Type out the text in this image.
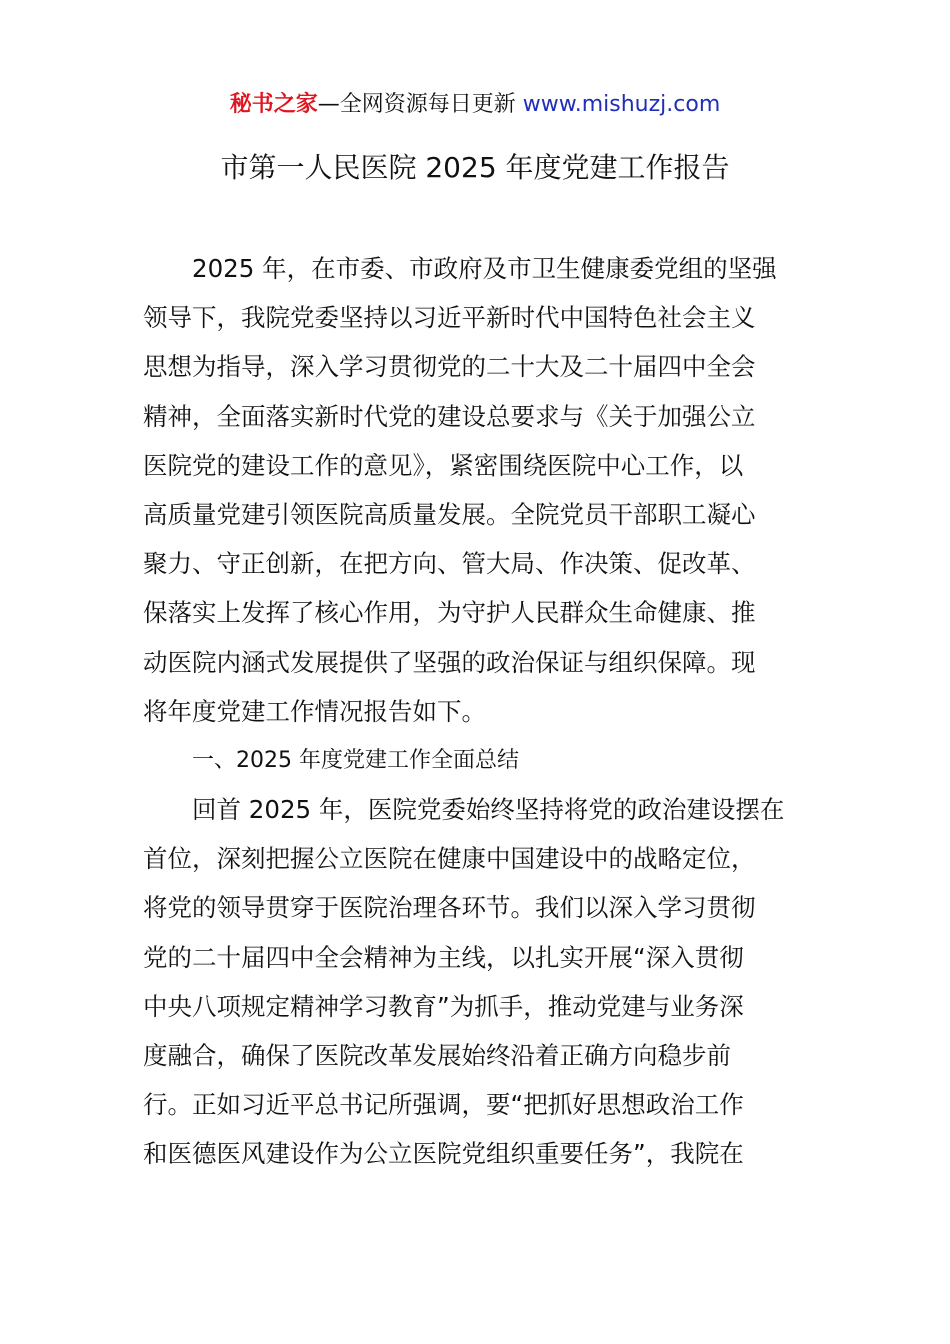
秘书之家—全网资源每日更新 www.mishuzj.com
市第一人民医院 2025 年度党建工作报告
2025 年，在市委、市政府及市卫生健康委党组的坚强
领导下，我院党委坚持以习近平新时代中国特色社会主义
思想为指导，深入学习贯彻党的二十大及二十届四中全会
精神，全面落实新时代党的建设总要求与《关于加强公立
医院党的建设工作的意见》，紧密围绕医院中心工作，以
高质量党建引领医院高质量发展。全院党员干部职工凝心
聚力、守正创新，在把方向、管大局、作决策、促改革、
保落实上发挥了核心作用，为守护人民群众生命健康、推
动医院内涵式发展提供了坚强的政治保证与组织保障。现
将年度党建工作情况报告如下。
一、2025 年度党建工作全面总结
回首 2025 年，医院党委始终坚持将党的政治建设摆在
首位，深刻把握公立医院在健康中国建设中的战略定位，
将党的领导贯穿于医院治理各环节。我们以深入学习贯彻
党的二十届四中全会精神为主线，以扎实开展“深入贯彻
中央八项规定精神学习教育”为抓手，推动党建与业务深
度融合，确保了医院改革发展始终沿着正确方向稳步前
行。正如习近平总书记所强调，要“把抓好思想政治工作
和医德医风建设作为公立医院党组织重要任务”，我院在
